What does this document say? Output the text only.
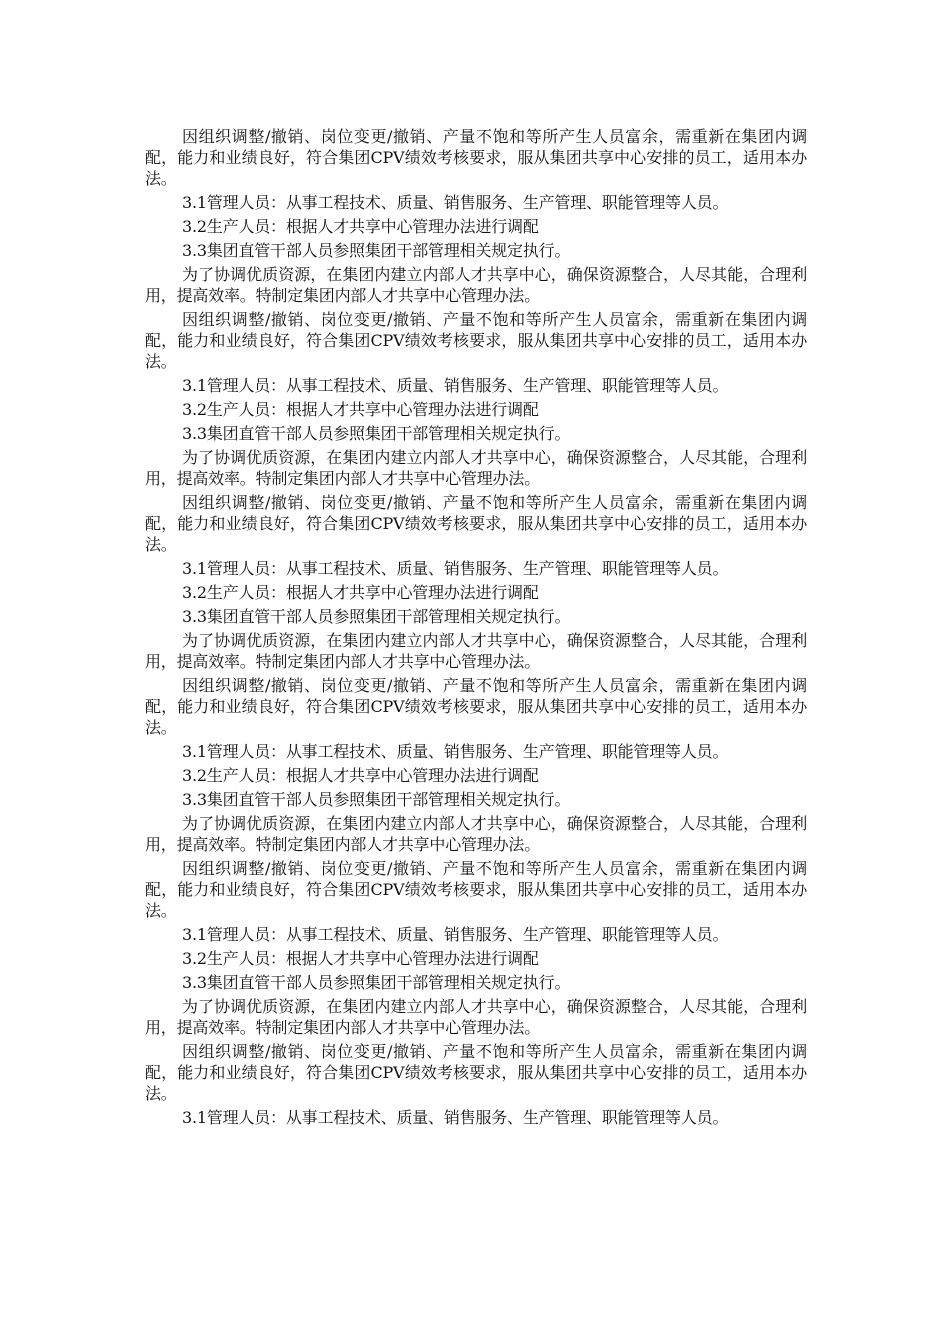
因组织调整/撤销、岗位变更/撤销、产量不饱和等所产生人员富余，需重新在集团内调配，能力和业绩良好，符合集团CPV绩效考核要求，服从集团共享中心安排的员工，适用本办法。

3.1管理人员：从事工程技术、质量、销售服务、生产管理、职能管理等人员。

3.2生产人员：根据人才共享中心管理办法进行调配

3.3集团直管干部人员参照集团干部管理相关规定执行。

为了协调优质资源，在集团内建立内部人才共享中心，确保资源整合，人尽其能，合理利用，提高效率。特制定集团内部人才共享中心管理办法。

因组织调整/撤销、岗位变更/撤销、产量不饱和等所产生人员富余，需重新在集团内调配，能力和业绩良好，符合集团CPV绩效考核要求，服从集团共享中心安排的员工，适用本办法。

3.1管理人员：从事工程技术、质量、销售服务、生产管理、职能管理等人员。

3.2生产人员：根据人才共享中心管理办法进行调配

3.3集团直管干部人员参照集团干部管理相关规定执行。

为了协调优质资源，在集团内建立内部人才共享中心，确保资源整合，人尽其能，合理利用，提高效率。特制定集团内部人才共享中心管理办法。

因组织调整/撤销、岗位变更/撤销、产量不饱和等所产生人员富余，需重新在集团内调配，能力和业绩良好，符合集团CPV绩效考核要求，服从集团共享中心安排的员工，适用本办法。

3.1管理人员：从事工程技术、质量、销售服务、生产管理、职能管理等人员。

3.2生产人员：根据人才共享中心管理办法进行调配

3.3集团直管干部人员参照集团干部管理相关规定执行。

为了协调优质资源，在集团内建立内部人才共享中心，确保资源整合，人尽其能，合理利用，提高效率。特制定集团内部人才共享中心管理办法。

因组织调整/撤销、岗位变更/撤销、产量不饱和等所产生人员富余，需重新在集团内调配，能力和业绩良好，符合集团CPV绩效考核要求，服从集团共享中心安排的员工，适用本办法。

3.1管理人员：从事工程技术、质量、销售服务、生产管理、职能管理等人员。

3.2生产人员：根据人才共享中心管理办法进行调配

3.3集团直管干部人员参照集团干部管理相关规定执行。

为了协调优质资源，在集团内建立内部人才共享中心，确保资源整合，人尽其能，合理利用，提高效率。特制定集团内部人才共享中心管理办法。

因组织调整/撤销、岗位变更/撤销、产量不饱和等所产生人员富余，需重新在集团内调配，能力和业绩良好，符合集团CPV绩效考核要求，服从集团共享中心安排的员工，适用本办法。

3.1管理人员：从事工程技术、质量、销售服务、生产管理、职能管理等人员。

3.2生产人员：根据人才共享中心管理办法进行调配

3.3集团直管干部人员参照集团干部管理相关规定执行。

为了协调优质资源，在集团内建立内部人才共享中心，确保资源整合，人尽其能，合理利用，提高效率。特制定集团内部人才共享中心管理办法。

因组织调整/撤销、岗位变更/撤销、产量不饱和等所产生人员富余，需重新在集团内调配，能力和业绩良好，符合集团CPV绩效考核要求，服从集团共享中心安排的员工，适用本办法。

3.1管理人员：从事工程技术、质量、销售服务、生产管理、职能管理等人员。
